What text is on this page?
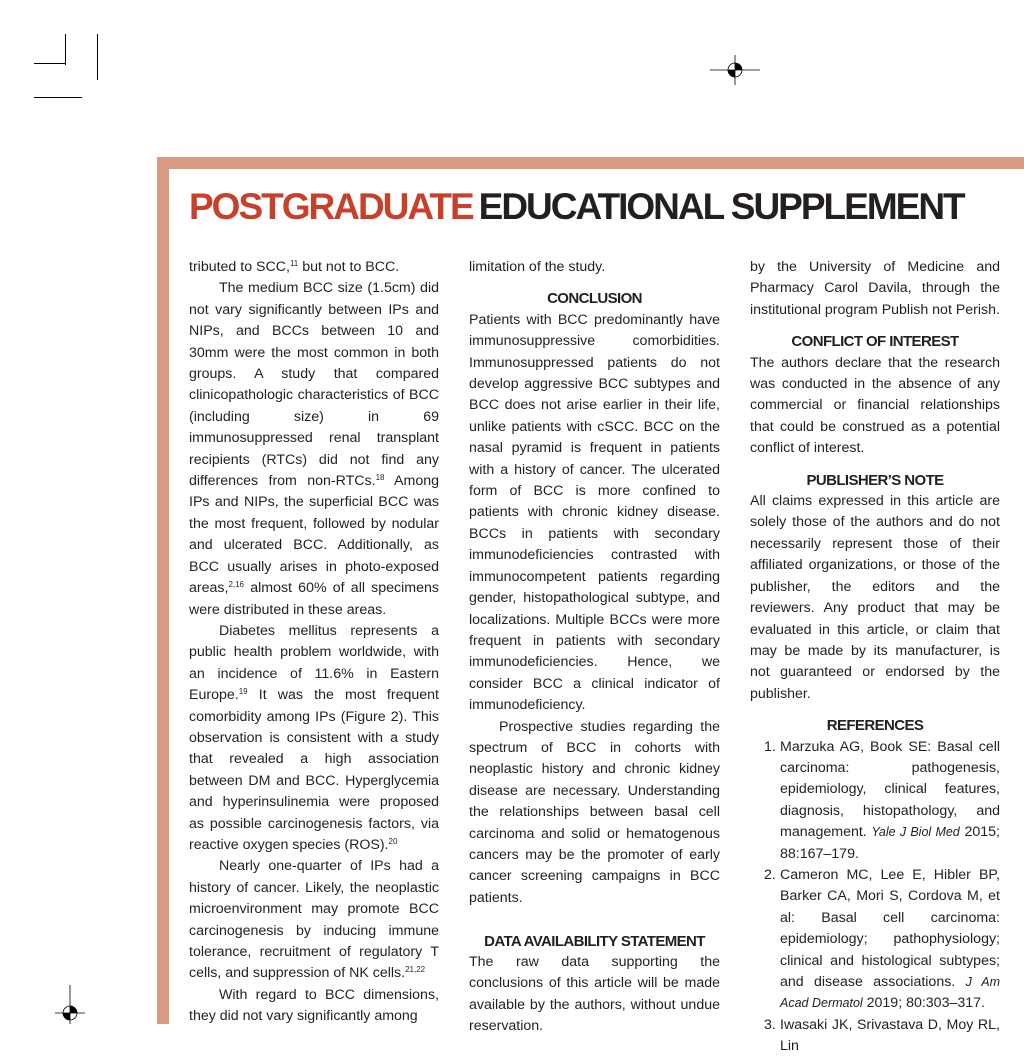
POSTGRADUATE EDUCATIONAL SUPPLEMENT

tributed to SCC,$^{11}$ but not to BCC.

The medium BCC size (1.5cm) did not vary significantly between IPs and NIPs, and BCCs between 10 and 30mm were the most common in both groups. A study that compared clinicopathologic characteristics of BCC (including size) in 69 immunosuppressed renal transplant recipients (RTCs) did not find any differences from non-RTCs.$^{18}$ Among IPs and NIPs, the superficial BCC was the most frequent, followed by nodular and ulcerated BCC. Additionally, as BCC usually arises in photo-exposed areas,$^{2,16}$ almost 60% of all specimens were distributed in these areas.

Diabetes mellitus represents a public health problem worldwide, with an incidence of 11.6% in Eastern Europe.$^{19}$ It was the most frequent comorbidity among IPs (Figure 2). This observation is consistent with a study that revealed a high association between DM and BCC. Hyperglycemia and hyperinsulinemia were proposed as possible carcinogenesis factors, via reactive oxygen species (ROS).$^{20}$

Nearly one-quarter of IPs had a history of cancer. Likely, the neoplastic microenvironment may promote BCC carcinogenesis by inducing immune tolerance, recruitment of regulatory T cells, and suppression of NK cells.$^{21,22}$

With regard to BCC dimensions, they did not vary significantly among

limitation of the study.

CONCLUSION

Patients with BCC predominantly have immunosuppressive comorbidities. Immunosuppressed patients do not develop aggressive BCC subtypes and BCC does not arise earlier in their life, unlike patients with cSCC. BCC on the nasal pyramid is frequent in patients with a history of cancer. The ulcerated form of BCC is more confined to patients with chronic kidney disease. BCCs in patients with secondary immunodeficiencies contrasted with immunocompetent patients regarding gender, histopathological subtype, and localizations. Multiple BCCs were more frequent in patients with secondary immunodeficiencies. Hence, we consider BCC a clinical indicator of immunodeficiency.

Prospective studies regarding the spectrum of BCC in cohorts with neoplastic history and chronic kidney disease are necessary. Understanding the relationships between basal cell carcinoma and solid or hematogenous cancers may be the promoter of early cancer screening campaigns in BCC patients.

DATA AVAILABILITY STATEMENT

The raw data supporting the conclusions of this article will be made available by the authors, without undue reservation.

by the University of Medicine and Pharmacy Carol Davila, through the institutional program Publish not Perish.

CONFLICT OF INTEREST

The authors declare that the research was conducted in the absence of any commercial or financial relationships that could be construed as a potential conflict of interest.

PUBLISHER’S NOTE

All claims expressed in this article are solely those of the authors and do not necessarily represent those of their affiliated organizations, or those of the publisher, the editors and the reviewers. Any product that may be evaluated in this article, or claim that may be made by its manufacturer, is not guaranteed or endorsed by the publisher.

REFERENCES
1. Marzuka AG, Book SE: Basal cell carcinoma: pathogenesis, epidemiology, clinical features, diagnosis, histopathology, and management. Yale J Biol Med 2015; 88:167–179.
2. Cameron MC, Lee E, Hibler BP, Barker CA, Mori S, Cordova M, et al: Basal cell carcinoma: epidemiology; pathophysiology; clinical and histological subtypes; and disease associations. J Am Acad Dermatol 2019; 80:303–317.
3. Iwasaki JK, Srivastava D, Moy RL, Lin
